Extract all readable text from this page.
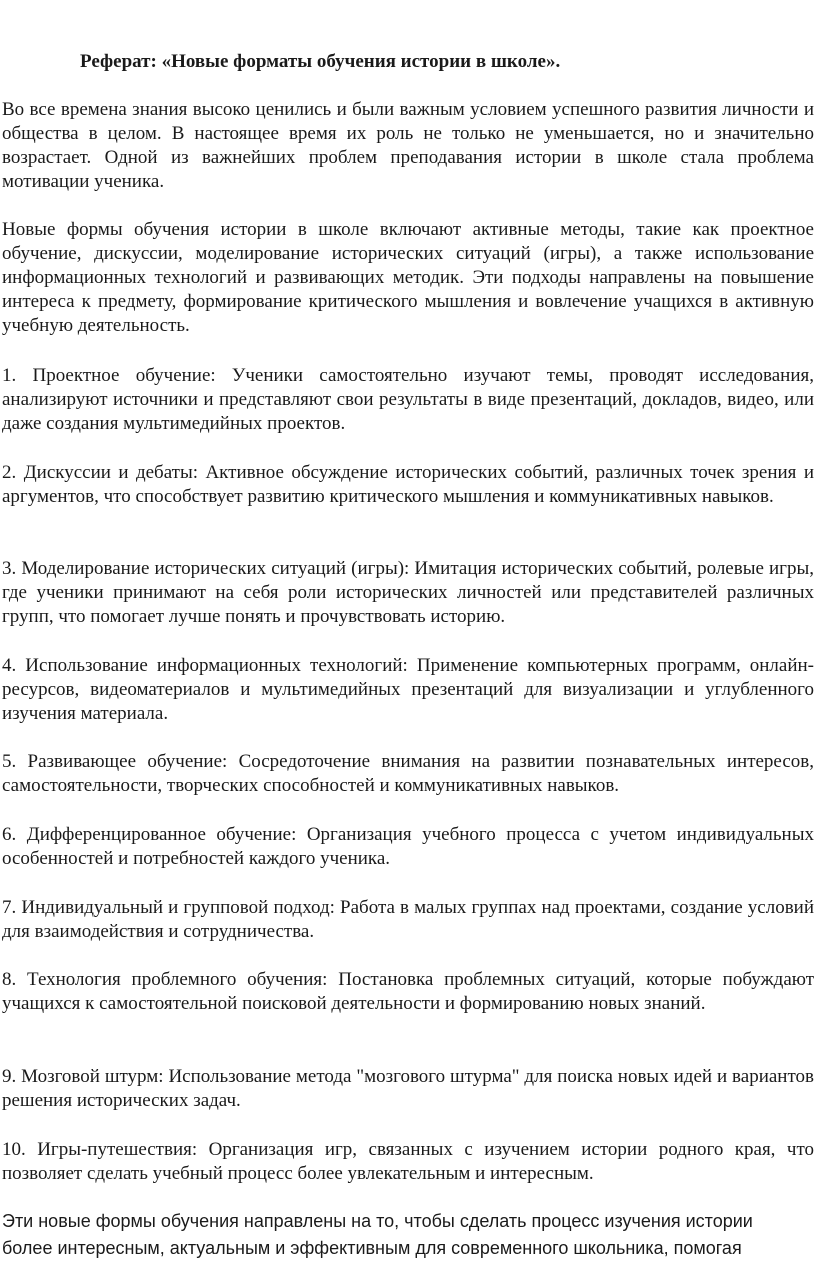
Реферат: «Новые форматы обучения истории в школе».

Во все времена знания высоко ценились и были важным условием успешного развития личности и общества в целом. В настоящее время их роль не только не уменьшается, но и значительно возрастает. Одной из важнейших проблем преподавания истории в школе стала проблема мотивации ученика.

Новые формы обучения истории в школе включают активные методы, такие как проектное обучение, дискуссии, моделирование исторических ситуаций (игры), а также использование информационных технологий и развивающих методик. Эти подходы направлены на повышение интереса к предмету, формирование критического мышления и вовлечение учащихся в активную учебную деятельность.

1. Проектное обучение: Ученики самостоятельно изучают темы, проводят исследования, анализируют источники и представляют свои результаты в виде презентаций, докладов, видео, или даже создания мультимедийных проектов.

2. Дискуссии и дебаты: Активное обсуждение исторических событий, различных точек зрения и аргументов, что способствует развитию критического мышления и коммуникативных навыков.

3. Моделирование исторических ситуаций (игры): Имитация исторических событий, ролевые игры, где ученики принимают на себя роли исторических личностей или представителей различных групп, что помогает лучше понять и прочувствовать историю.

4. Использование информационных технологий: Применение компьютерных программ, онлайн-ресурсов, видеоматериалов и мультимедийных презентаций для визуализации и углубленного изучения материала.

5. Развивающее обучение: Сосредоточение внимания на развитии познавательных интересов, самостоятельности, творческих способностей и коммуникативных навыков.

6. Дифференцированное обучение: Организация учебного процесса с учетом индивидуальных особенностей и потребностей каждого ученика.

7. Индивидуальный и групповой подход: Работа в малых группах над проектами, создание условий для взаимодействия и сотрудничества.

8. Технология проблемного обучения: Постановка проблемных ситуаций, которые побуждают учащихся к самостоятельной поисковой деятельности и формированию новых знаний.

9. Мозговой штурм: Использование метода "мозгового штурма" для поиска новых идей и вариантов решения исторических задач.

10. Игры-путешествия: Организация игр, связанных с изучением истории родного края, что позволяет сделать учебный процесс более увлекательным и интересным.

Эти новые формы обучения направлены на то, чтобы сделать процесс изучения истории более интересным, актуальным и эффективным для современного школьника, помогая
